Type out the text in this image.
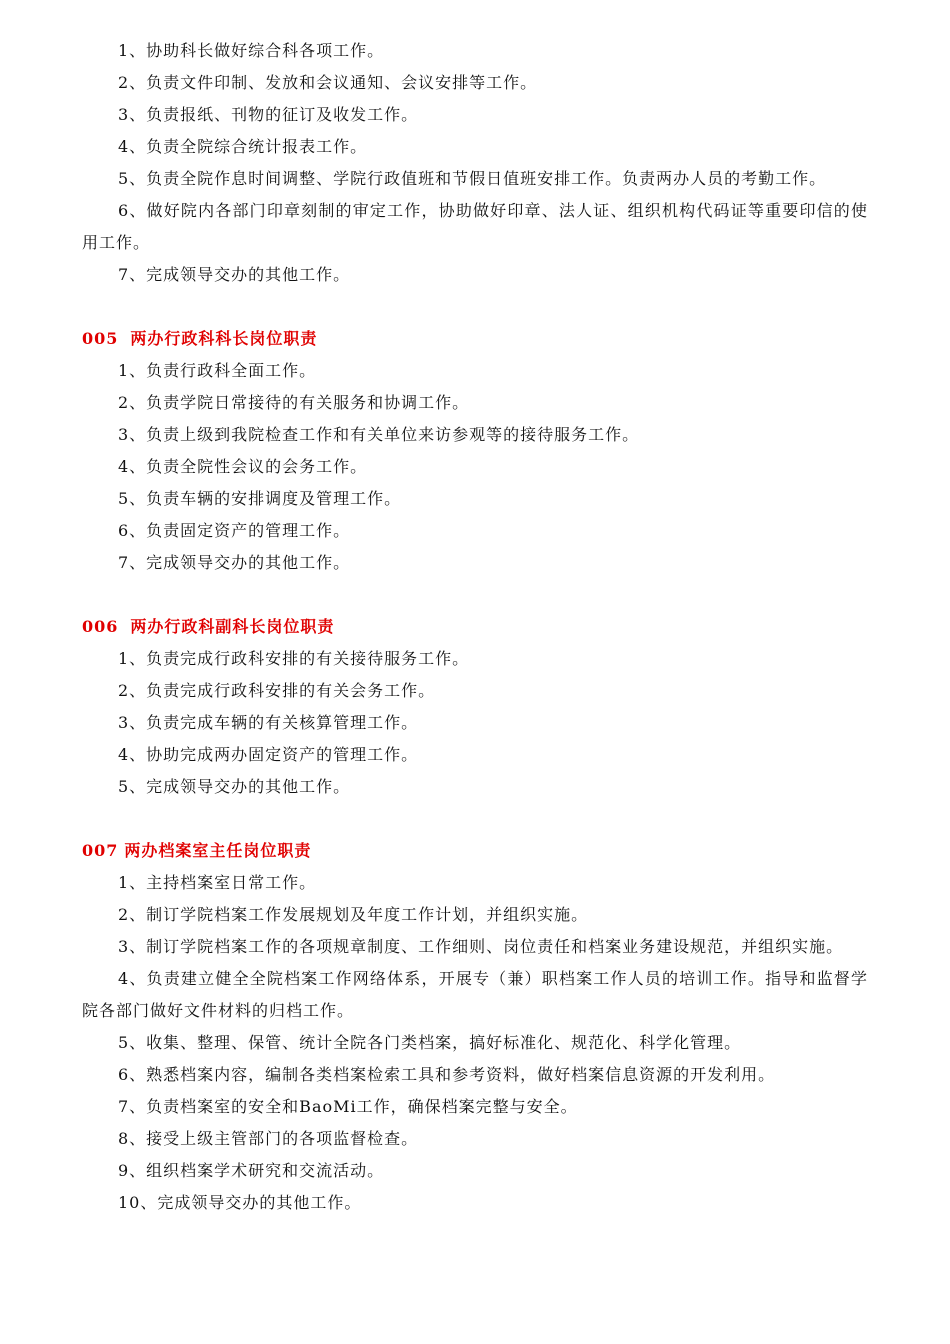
1、协助科长做好综合科各项工作。

2、负责文件印制、发放和会议通知、会议安排等工作。

3、负责报纸、刊物的征订及收发工作。

4、负责全院综合统计报表工作。

5、负责全院作息时间调整、学院行政值班和节假日值班安排工作。负责两办人员的考勤工作。

6、做好院内各部门印章刻制的审定工作，协助做好印章、法人证、组织机构代码证等重要印信的使用工作。

7、完成领导交办的其他工作。

005 两办行政科科长岗位职责

1、负责行政科全面工作。

2、负责学院日常接待的有关服务和协调工作。

3、负责上级到我院检查工作和有关单位来访参观等的接待服务工作。

4、负责全院性会议的会务工作。

5、负责车辆的安排调度及管理工作。

6、负责固定资产的管理工作。

7、完成领导交办的其他工作。

006 两办行政科副科长岗位职责

1、负责完成行政科安排的有关接待服务工作。

2、负责完成行政科安排的有关会务工作。

3、负责完成车辆的有关核算管理工作。

4、协助完成两办固定资产的管理工作。

5、完成领导交办的其他工作。

007 两办档案室主任岗位职责

1、主持档案室日常工作。

2、制订学院档案工作发展规划及年度工作计划，并组织实施。

3、制订学院档案工作的各项规章制度、工作细则、岗位责任和档案业务建设规范，并组织实施。

4、负责建立健全全院档案工作网络体系，开展专（兼）职档案工作人员的培训工作。指导和监督学院各部门做好文件材料的归档工作。

5、收集、整理、保管、统计全院各门类档案，搞好标准化、规范化、科学化管理。

6、熟悉档案内容，编制各类档案检索工具和参考资料，做好档案信息资源的开发利用。

7、负责档案室的安全和BaoMi工作，确保档案完整与安全。

8、接受上级主管部门的各项监督检查。

9、组织档案学术研究和交流活动。

10、完成领导交办的其他工作。
